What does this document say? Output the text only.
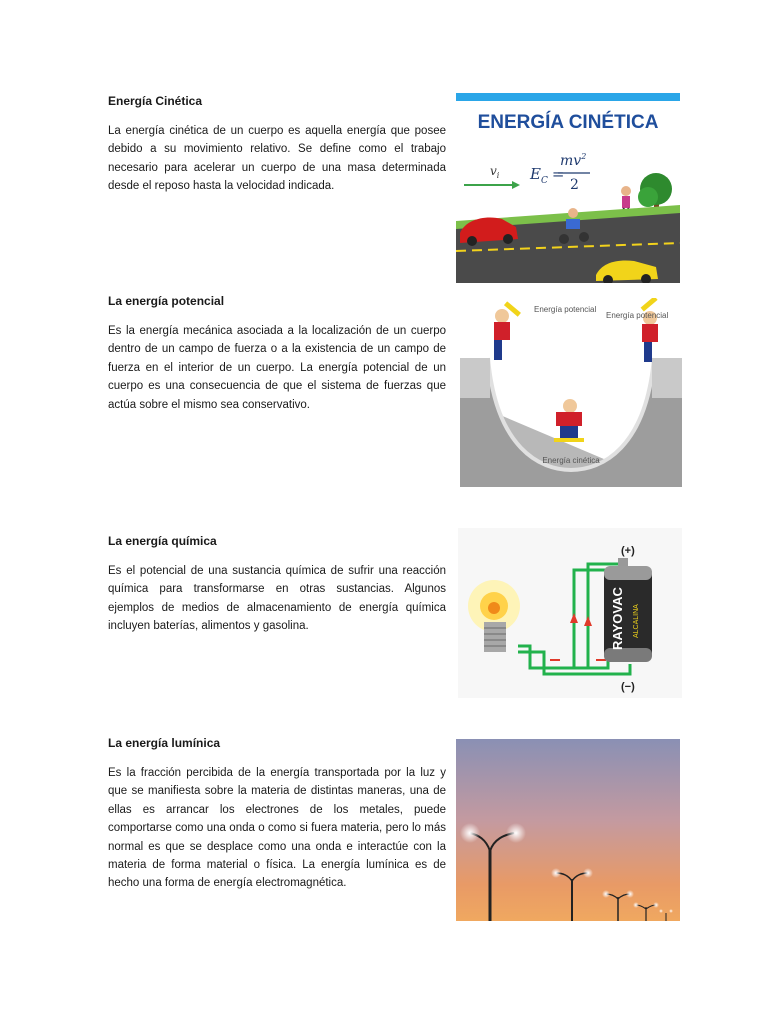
Energía Cinética

La energía cinética de un cuerpo es aquella energía que posee debido a su movimiento relativo. Se define como el trabajo necesario para acelerar un cuerpo de una masa determinada desde el reposo hasta la velocidad indicada.

ENERGÍA CINÉTICA
$v_i$ $E_C$ =
$mv^2$
2
La energía potencial

Es la energía mecánica asociada a la localización de un cuerpo dentro de un campo de fuerza o a la existencia de un campo de fuerza en el interior de un cuerpo. La energía potencial de un cuerpo es una consecuencia de que el sistema de fuerzas que actúa sobre el mismo sea conservativo.

Energía potencial
Energía potencial
Energía cinética
La energía química

Es el potencial de una sustancia química de sufrir una reacción química para transformarse en otras sustancias. Algunos ejemplos de medios de almacenamiento de energía química incluyen baterías, alimentos y gasolina.

(+)
(−)
RAYOVAC ALCALINA
La energía lumínica

Es la fracción percibida de la energía transportada por la luz y que se manifiesta sobre la materia de distintas maneras, una de ellas es arrancar los electrones de los metales, puede comportarse como una onda o como si fuera materia, pero lo más normal es que se desplace como una onda e interactúe con la materia de forma material o física. La energía lumínica es de hecho una forma de energía electromagnética.
